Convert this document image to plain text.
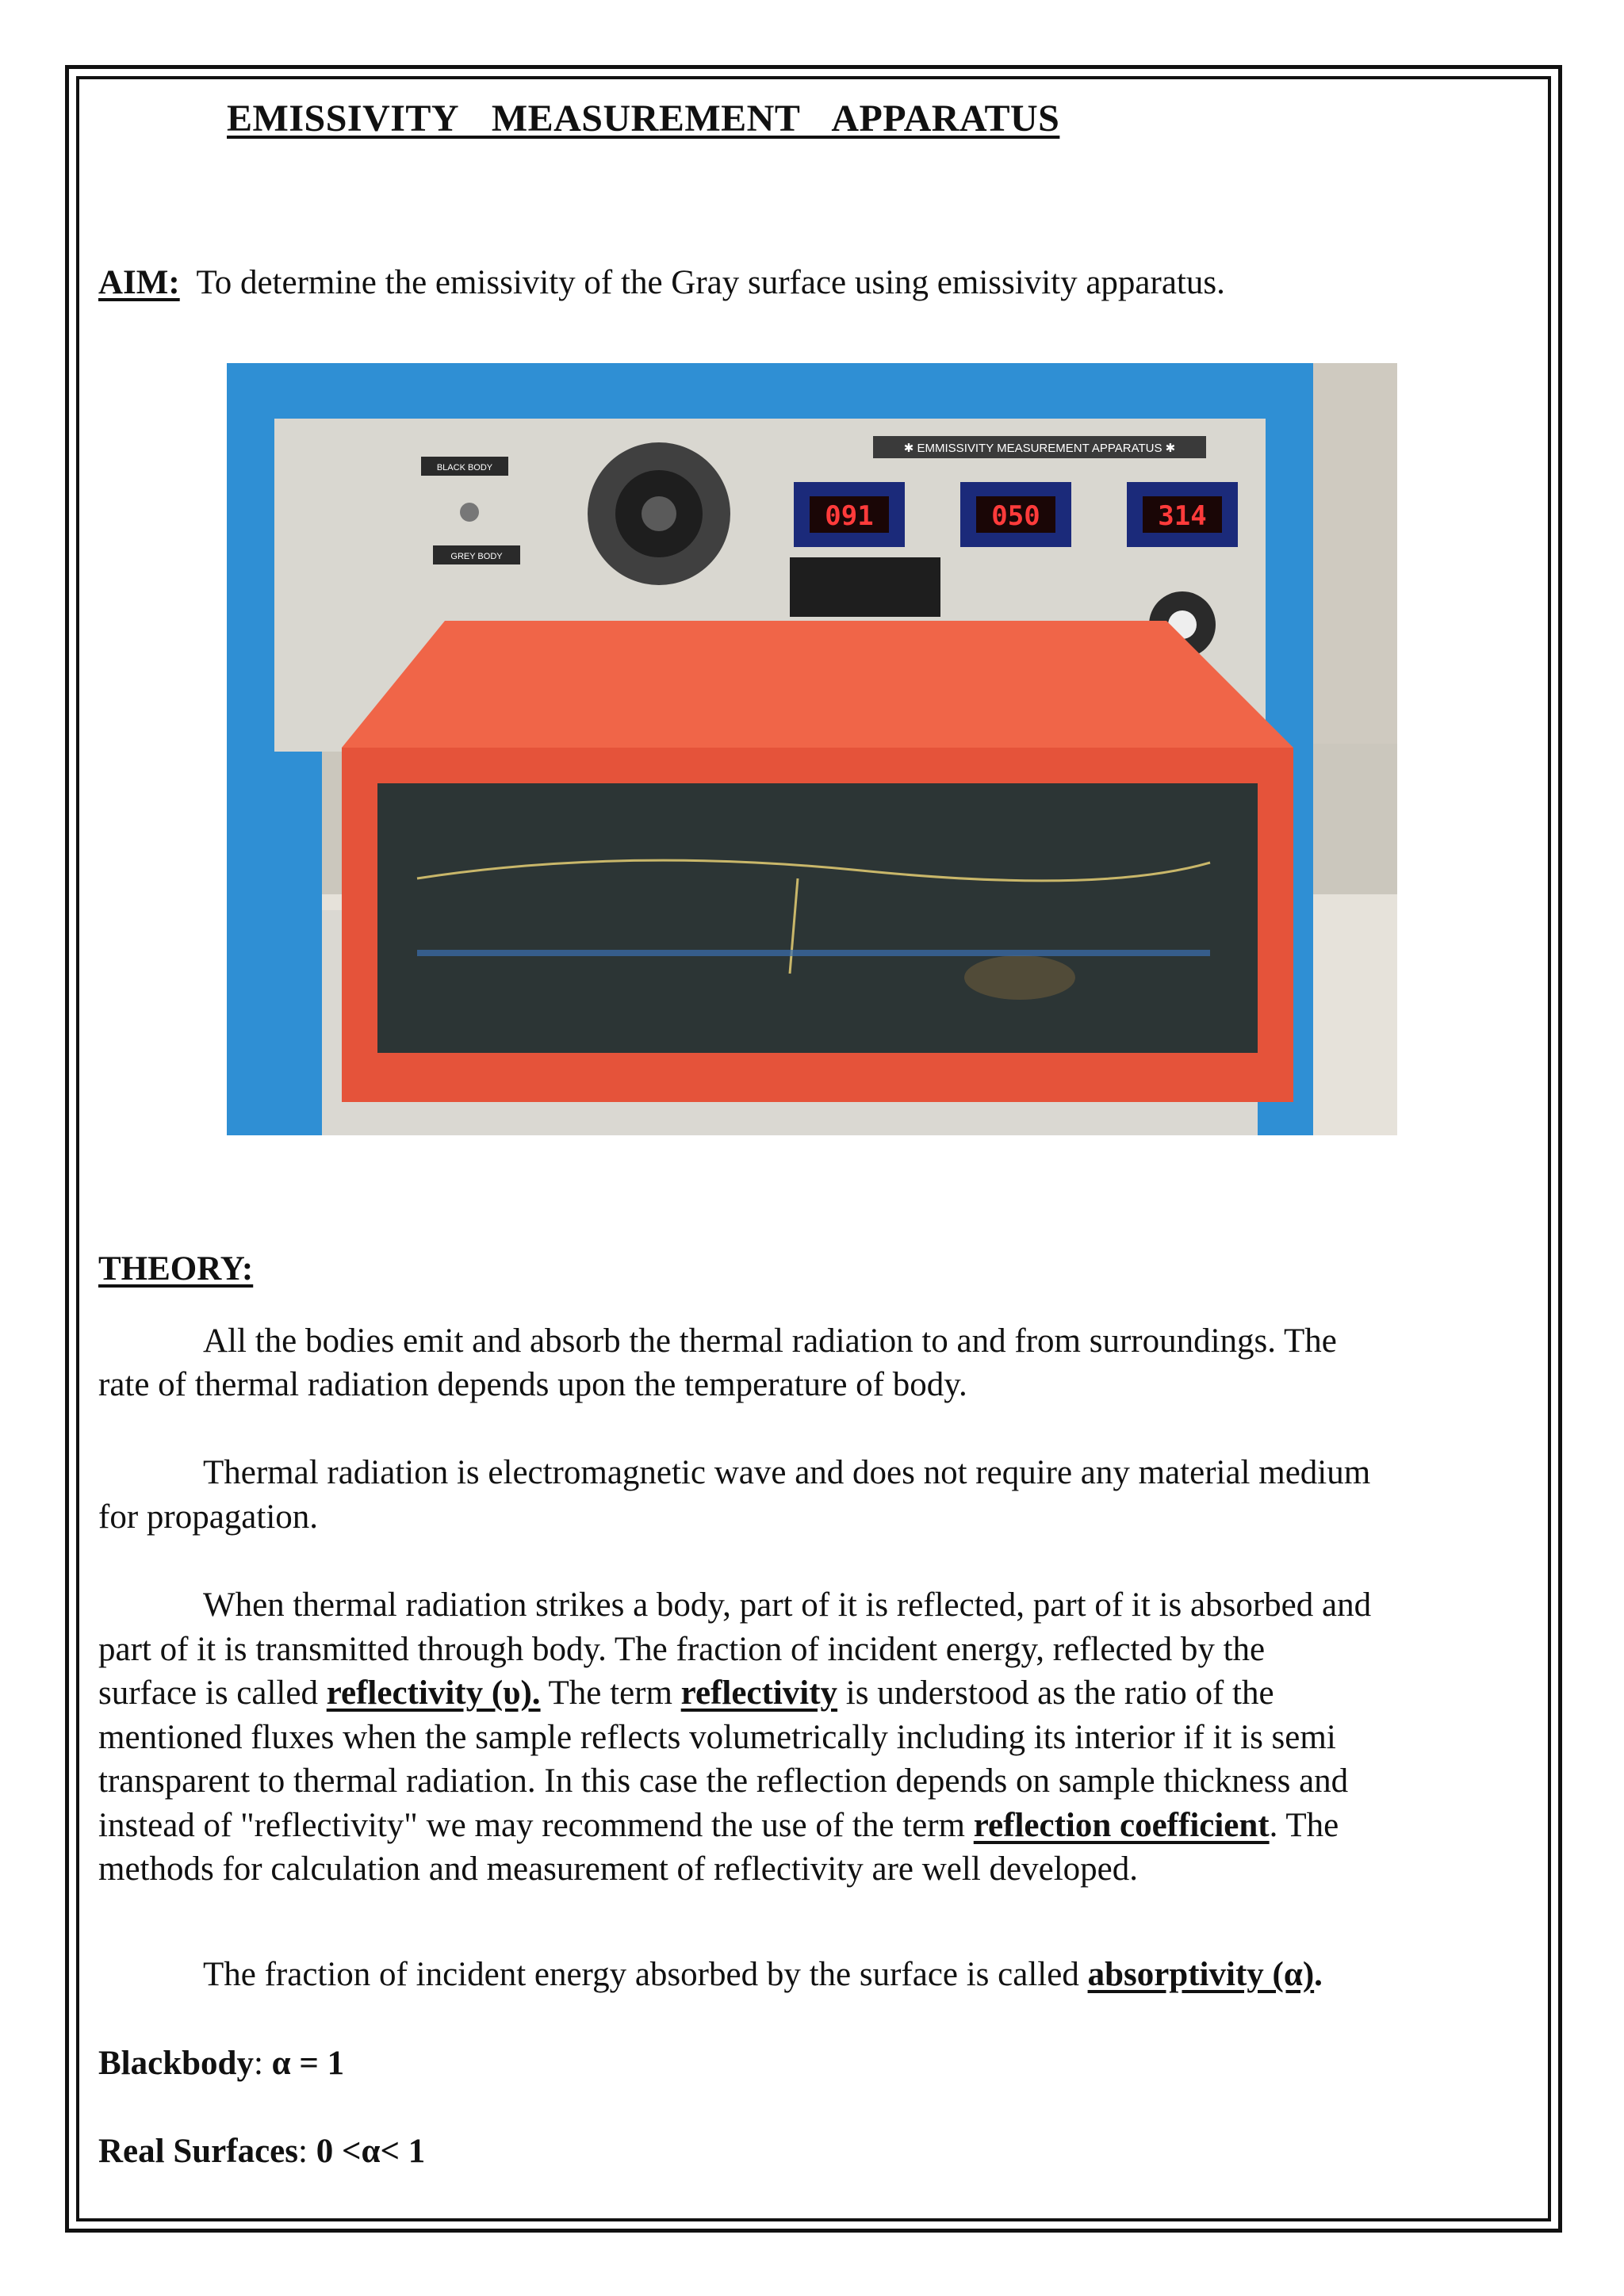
EMISSIVITY MEASUREMENT APPARATUS
AIM: To determine the emissivity of the Gray surface using emissivity apparatus.
✱ EMMISSIVITY MEASUREMENT APPARATUS ✱
BLACK BODY
GREY BODY
091	050	314
THEORY:
All the bodies emit and absorb the thermal radiation to and from surroundings. The
rate of thermal radiation depends upon the temperature of body.
Thermal radiation is electromagnetic wave and does not require any material medium
for propagation.
When thermal radiation strikes a body, part of it is reflected, part of it is absorbed and
part of it is transmitted through body. The fraction of incident energy, reflected by the
surface is called reflectivity (υ). The term reflectivity is understood as the ratio of the
mentioned fluxes when the sample reflects volumetrically including its interior if it is semi
transparent to thermal radiation. In this case the reflection depends on sample thickness and
instead of "reflectivity" we may recommend the use of the term reflection coefficient. The
methods for calculation and measurement of reflectivity are well developed.
The fraction of incident energy absorbed by the surface is called absorptivity (α).
Blackbody: α = 1
Real Surfaces: 0 <α< 1
